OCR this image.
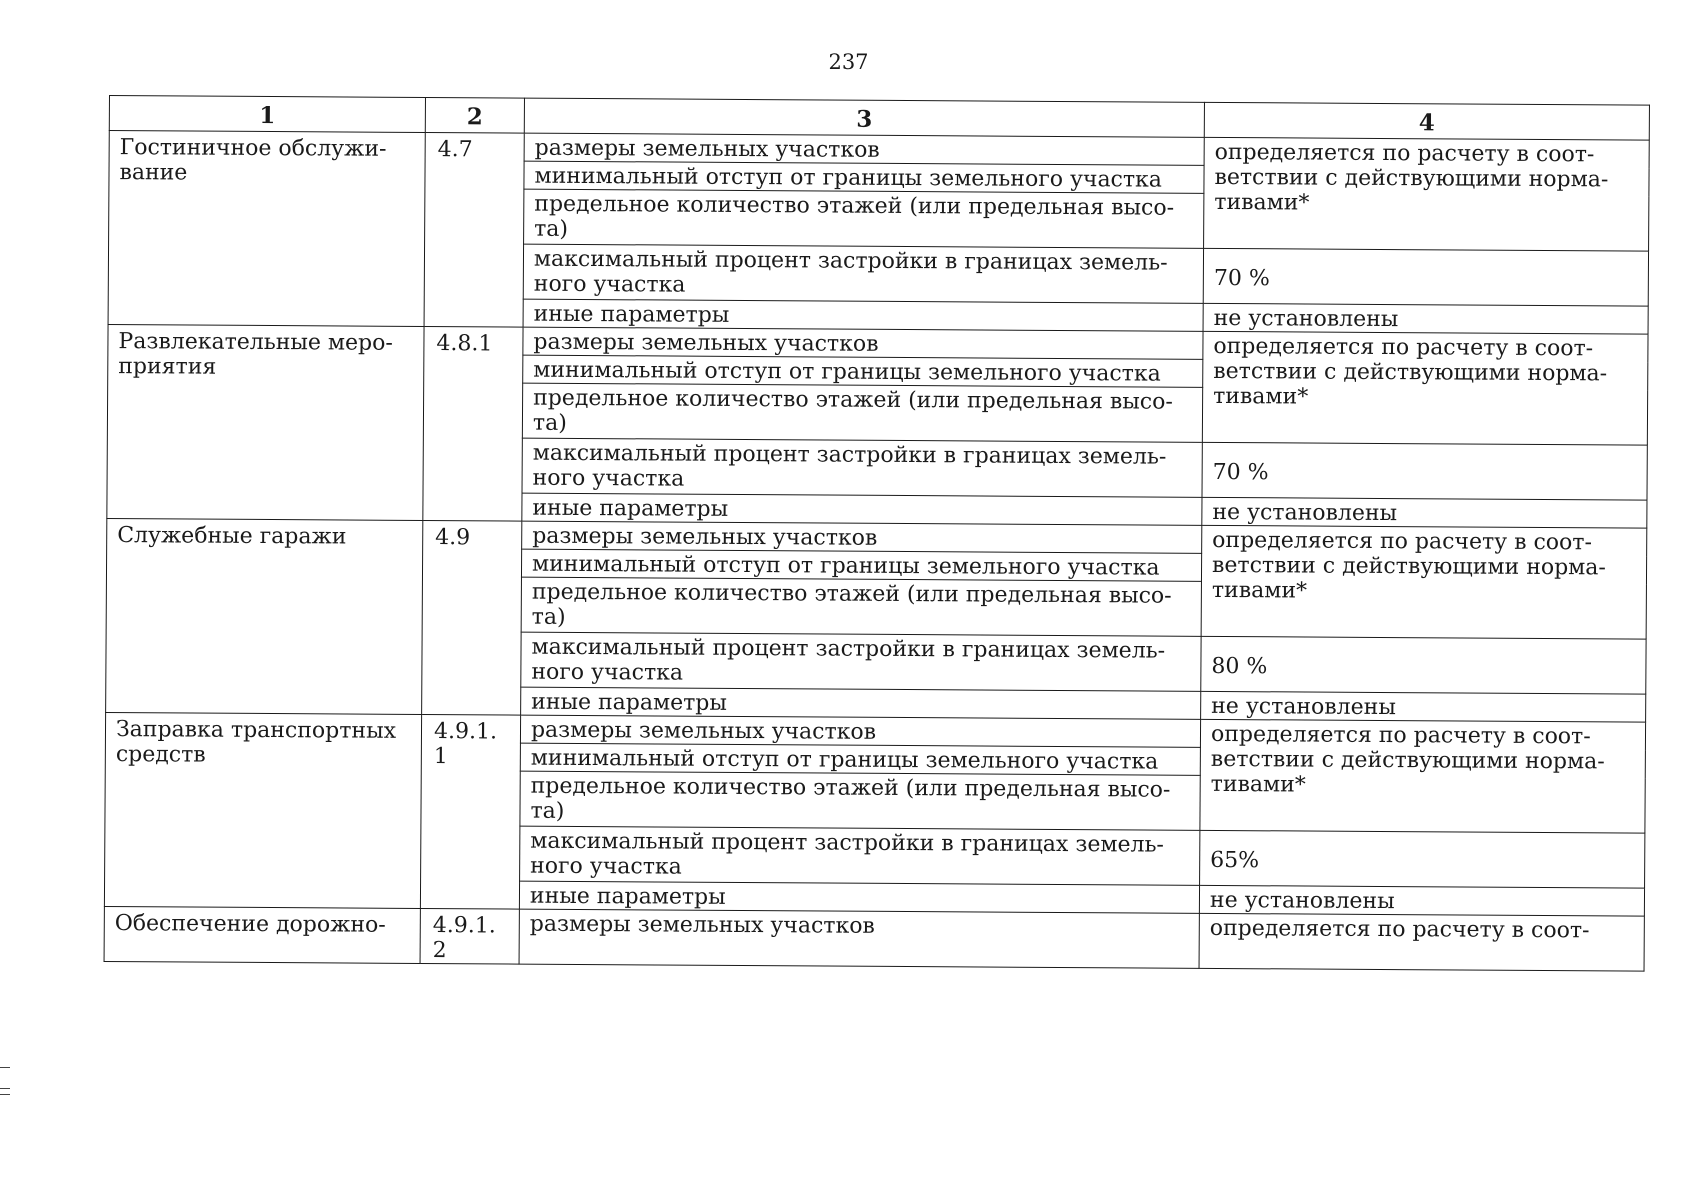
237
1	2	3	4
Гостиничное обслужи-вание	4.7	размеры земельных участков	определяется по расчету в соот-ветствии с действующими норма-тивами*
		минимальный отступ от границы земельного участка	
		предельное количество этажей (или предельная высо-та)	
		максимальный процент застройки в границах земель-ного участка	70 %
		иные параметры	не установлены
Развлекательные меро-приятия	4.8.1	размеры земельных участков	определяется по расчету в соот-ветствии с действующими норма-тивами*
		минимальный отступ от границы земельного участка	
		предельное количество этажей (или предельная высо-та)	
		максимальный процент застройки в границах земель-ного участка	70 %
		иные параметры	не установлены
Служебные гаражи	4.9	размеры земельных участков	определяется по расчету в соот-ветствии с действующими норма-тивами*
		минимальный отступ от границы земельного участка	
		предельное количество этажей (или предельная высо-та)	
		максимальный процент застройки в границах земель-ного участка	80 %
		иные параметры	не установлены
Заправка транспортных средств	4.9.1.1	размеры земельных участков	определяется по расчету в соот-ветствии с действующими норма-тивами*
		минимальный отступ от границы земельного участка	
		предельное количество этажей (или предельная высо-та)	
		максимальный процент застройки в границах земель-ного участка	65%
		иные параметры	не установлены
Обеспечение дорожно-	4.9.1.2	размеры земельных участков	определяется по расчету в соот-
